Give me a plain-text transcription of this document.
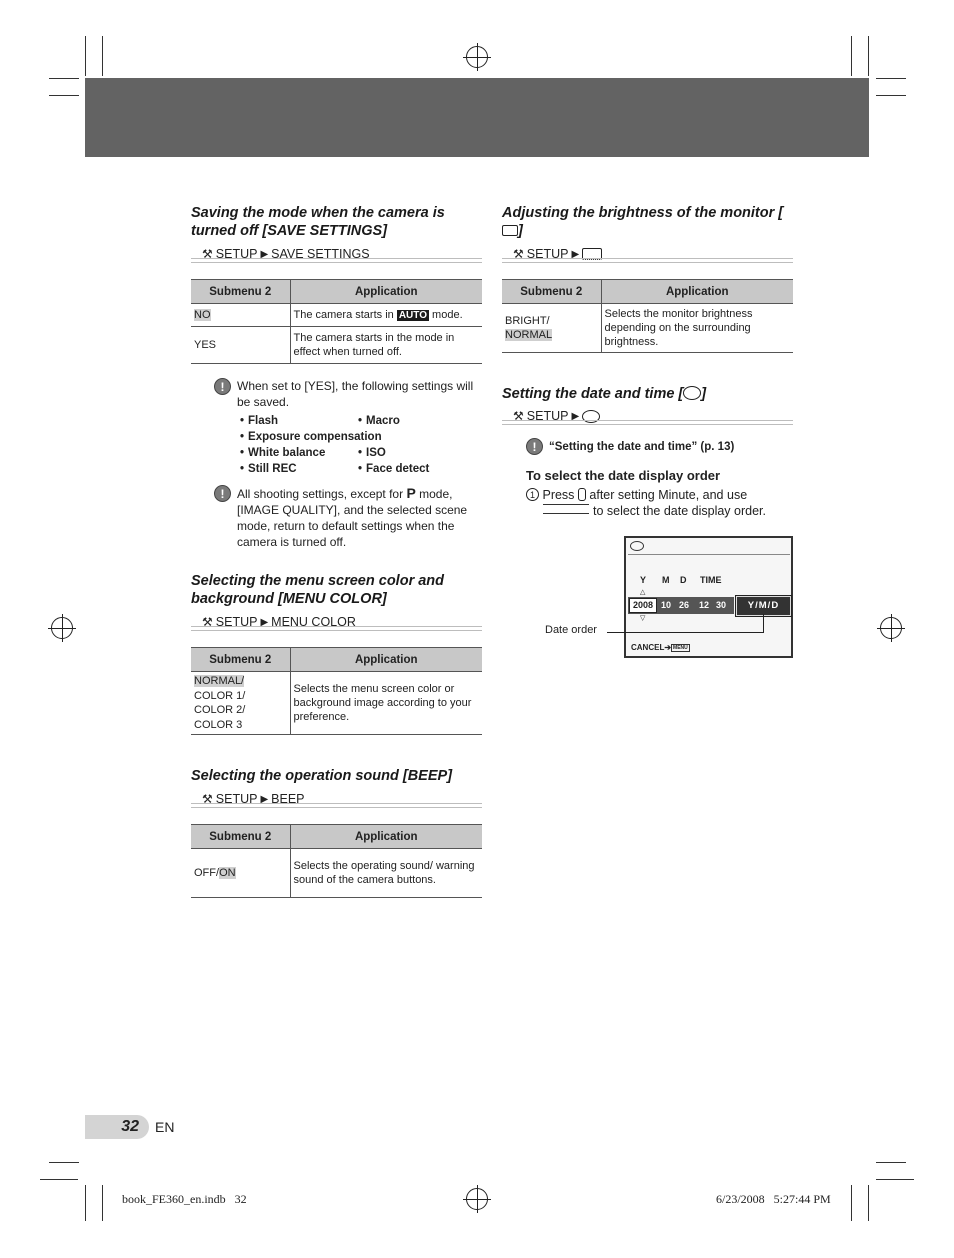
Saving the mode when the camera is turned off [SAVE SETTINGS]
⚒ SETUP ▶ SAVE SETTINGS
Submenu 2	Application
NO	The camera starts in AUTO mode.
YES	The camera starts in the mode in effect when turned off.
!	When set to [YES], the following settings will be saved.
• Flash	• Macro
• Exposure compensation
• White balance	• ISO
• Still REC	• Face detect
!	All shooting settings, except for P mode, [IMAGE QUALITY], and the selected scene mode, return to default settings when the camera is turned off.
Selecting the menu screen color and background [MENU COLOR]
⚒ SETUP ▶ MENU COLOR
Submenu 2	Application
NORMAL/
COLOR 1/
COLOR 2/
COLOR 3	Selects the menu screen color or background image according to your preference.
Selecting the operation sound [BEEP]
⚒ SETUP ▶ BEEP
Submenu 2	Application
OFF/ON	Selects the operating sound/ warning sound of the camera buttons.
Adjusting the brightness of the monitor []
⚒ SETUP ▶
Submenu 2	Application
BRIGHT/
NORMAL	Selects the monitor brightness depending on the surrounding brightness.
Setting the date and time [ ]
⚒ SETUP ▶
!	“Setting the date and time” (p. 13)
To select the date display order
1 Press after setting Minute, and use
to select the date display order.
Y M D TIME
△
2008 10 26 12 30	Y/M/D
▽
CANCEL➔ MENU
Date order
32	EN
book_FE360_en.indb   32	6/23/2008   5:27:44 PM
